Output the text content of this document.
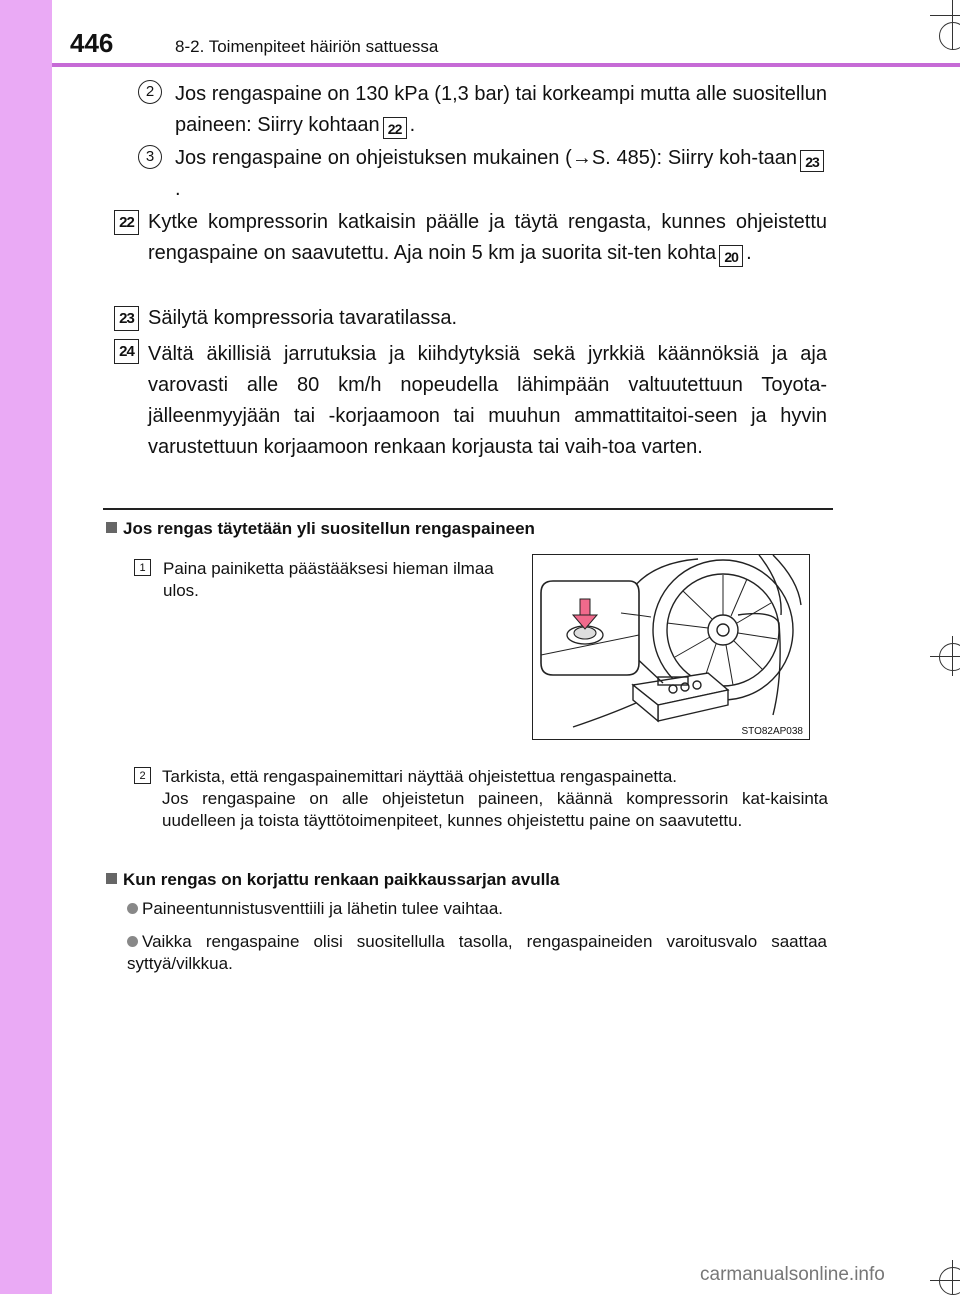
446	8-2. Toimenpiteet häiriön sattuessa
2	Jos rengaspaine on 130 kPa (1,3 bar) tai korkeampi mutta alle suositellun paineen: Siirry kohtaan 22 .
3	Jos rengaspaine on ohjeistuksen mukainen (→S. 485): Siirry koh-taan 23.
22 Kytke kompressorin katkaisin päälle ja täytä rengasta, kunnes ohjeistettu rengaspaine on saavutettu. Aja noin 5 km ja suorita sit-ten kohta 20 .
23 Säilytä kompressoria tavaratilassa.
24 Vältä äkillisiä jarrutuksia ja kiihdytyksiä sekä jyrkkiä käännöksiä ja aja varovasti alle 80 km/h nopeudella lähimpään valtuutettuun Toyota-jälleenmyyjään tai -korjaamoon tai muuhun ammattitaitoi-seen ja hyvin varustettuun korjaamoon renkaan korjausta tai vaih-toa varten.
Jos rengas täytetään yli suositellun rengaspaineen
1	Paina painiketta päästääksesi hieman ilmaa ulos.
STO82AP038
2 Tarkista, että rengaspainemittari näyttää ohjeistettua rengaspainetta.
Jos rengaspaine on alle ohjeistetun paineen, käännä kompressorin kat-kaisinta uudelleen ja toista täyttötoimenpiteet, kunnes ohjeistettu paine on saavutettu.
Kun rengas on korjattu renkaan paikkaussarjan avulla
Paineentunnistusventtiili ja lähetin tulee vaihtaa.
Vaikka rengaspaine olisi suositellulla tasolla, rengaspaineiden varoitusvalo saattaa syttyä/vilkkua.
carmanualsonline.info
